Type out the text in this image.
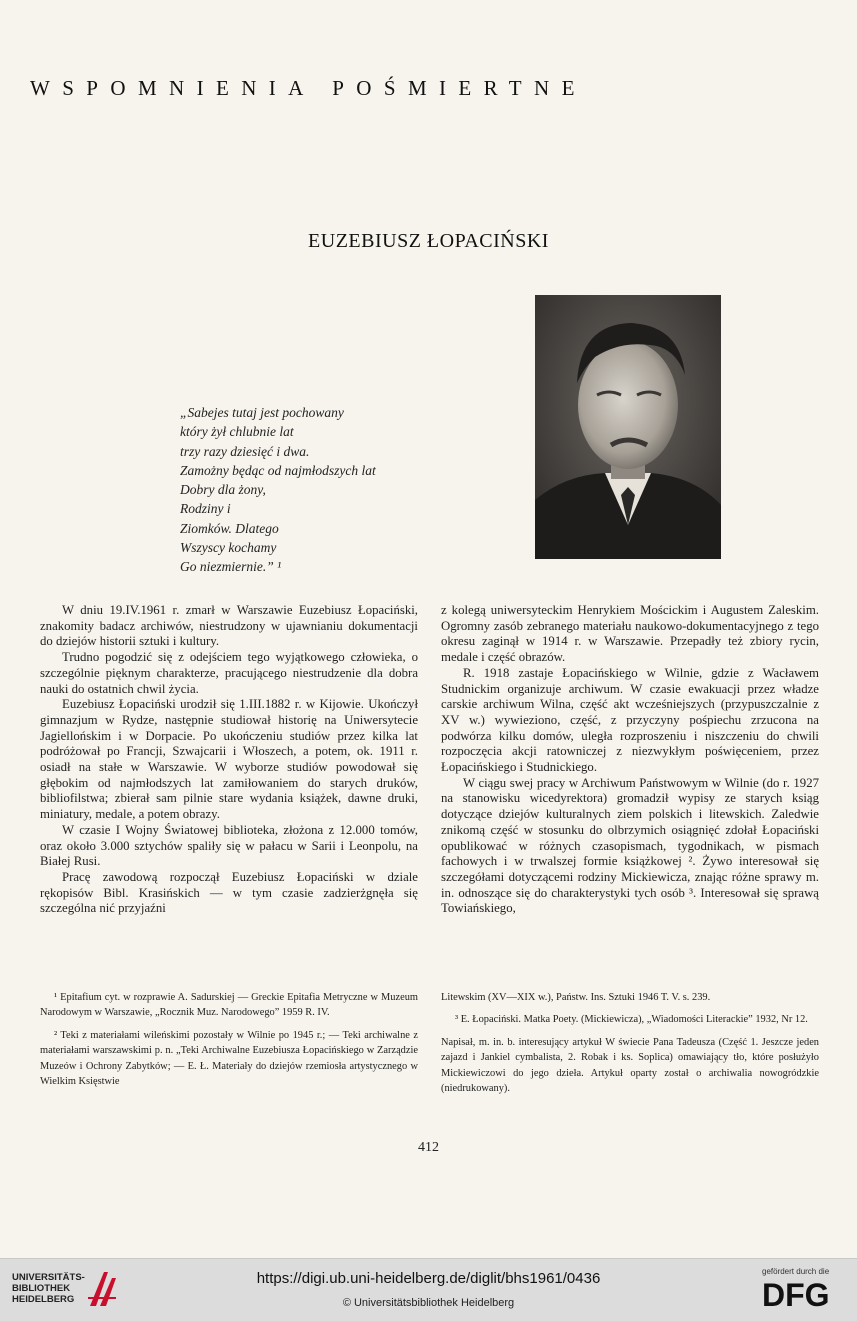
WSPOMNIENIA POŚMIERTNE
EUZEBIUSZ ŁOPACIŃSKI
„Sabejes tutaj jest pochowany
który żył chlubnie lat
trzy razy dziesięć i dwa.
Zamożny będąc od najmłodszych lat
Dobry dla żony,
Rodziny i
Ziomków. Dlatego
Wszyscy kochamy
Go niezmiernie.” ¹

W dniu 19.IV.1961 r. zmarł w Warszawie Euzebiusz Łopaciński, znakomity badacz archiwów, niestrudzony w ujawnianiu dokumentacji do dziejów historii sztuki i kultury.

Trudno pogodzić się z odejściem tego wyjątkowego człowieka, o szczególnie pięknym charakterze, pracującego niestrudzenie dla dobra nauki do ostatnich chwil życia.

Euzebiusz Łopaciński urodził się 1.III.1882 r. w Kijowie. Ukończył gimnazjum w Rydze, następnie studiował historię na Uniwersytecie Jagiellońskim i w Dorpacie. Po ukończeniu studiów przez kilka lat podróżował po Francji, Szwajcarii i Włoszech, a potem, ok. 1911 r. osiadł na stałe w Warszawie. W wyborze studiów powodował się głębokim od najmłodszych lat zamiłowaniem do starych druków, bibliofilstwa; zbierał sam pilnie stare wydania książek, dawne druki, miniatury, medale, a potem obrazy.

W czasie I Wojny Światowej biblioteka, złożona z 12.000 tomów, oraz około 3.000 sztychów spaliły się w pałacu w Sarii i Leonpolu, na Białej Rusi.

Pracę zawodową rozpoczął Euzebiusz Łopaciński w dziale rękopisów Bibl. Krasińskich — w tym czasie zadzierżgnęła się szczególna nić przyjaźni

z kolegą uniwersyteckim Henrykiem Mościckim i Augustem Zaleskim. Ogromny zasób zebranego materiału naukowo-dokumentacyjnego z tego okresu zaginął w 1914 r. w Warszawie. Przepadły też zbiory rycin, medale i część obrazów.

R. 1918 zastaje Łopacińskiego w Wilnie, gdzie z Wacławem Studnickim organizuje archiwum. W czasie ewakuacji przez władze carskie archiwum Wilna, część akt wcześniejszych (przypuszczalnie z XV w.) wywieziono, część, z przyczyny pośpiechu zrzucona na podwórza kilku domów, uległa rozproszeniu i niszczeniu do chwili rozpoczęcia akcji ratowniczej z niezwykłym poświęceniem, przez Łopacińskiego i Studnickiego.

W ciągu swej pracy w Archiwum Państwowym w Wilnie (do r. 1927 na stanowisku wicedyrektora) gromadził wypisy ze starych ksiąg dotyczące dziejów kulturalnych ziem polskich i litewskich. Zaledwie znikomą część w stosunku do olbrzymich osiągnięć zdołał Łopaciński opublikować w różnych czasopismach, tygodnikach, w pismach fachowych i w trwalszej formie książkowej ². Żywo interesował się szczegółami dotyczącemi rodziny Mickiewicza, znając różne sprawy m. in. odnoszące się do charakterystyki tych osób ³. Interesował się sprawą Towiańskiego,

¹ Epitafium cyt. w rozprawie A. Sadurskiej — Greckie Epitafia Metryczne w Muzeum Narodowym w Warszawie, „Rocznik Muz. Narodowego” 1959 R. IV.

² Teki z materiałami wileńskimi pozostały w Wilnie po 1945 r.; — Teki archiwalne z materiałami warszawskimi p. n. „Teki Archiwalne Euzebiusza Łopacińskiego w Zarządzie Muzeów i Ochrony Zabytków; — E. Ł. Materiały do dziejów rzemiosła artystycznego w Wielkim Księstwie

Litewskim (XV—XIX w.), Państw. Ins. Sztuki 1946 T. V. s. 239.

³ E. Łopaciński. Matka Poety. (Mickiewicza), „Wiadomości Literackie” 1932, Nr 12.

Napisał, m. in. b. interesujący artykuł W świecie Pana Tadeusza (Część 1. Jeszcze jeden zajazd i Jankiel cymbalista, 2. Robak i ks. Soplica) omawiający tło, które posłużyło Mickiewiczowi do jego dzieła. Artykuł oparty został o archiwalia nowogródzkie (niedrukowany).

412
UNIVERSITÄTS-
BIBLIOTHEK
HEIDELBERG
https://digi.ub.uni-heidelberg.de/diglit/bhs1961/0436
© Universitätsbibliothek Heidelberg
gefördert durch die
DFG
